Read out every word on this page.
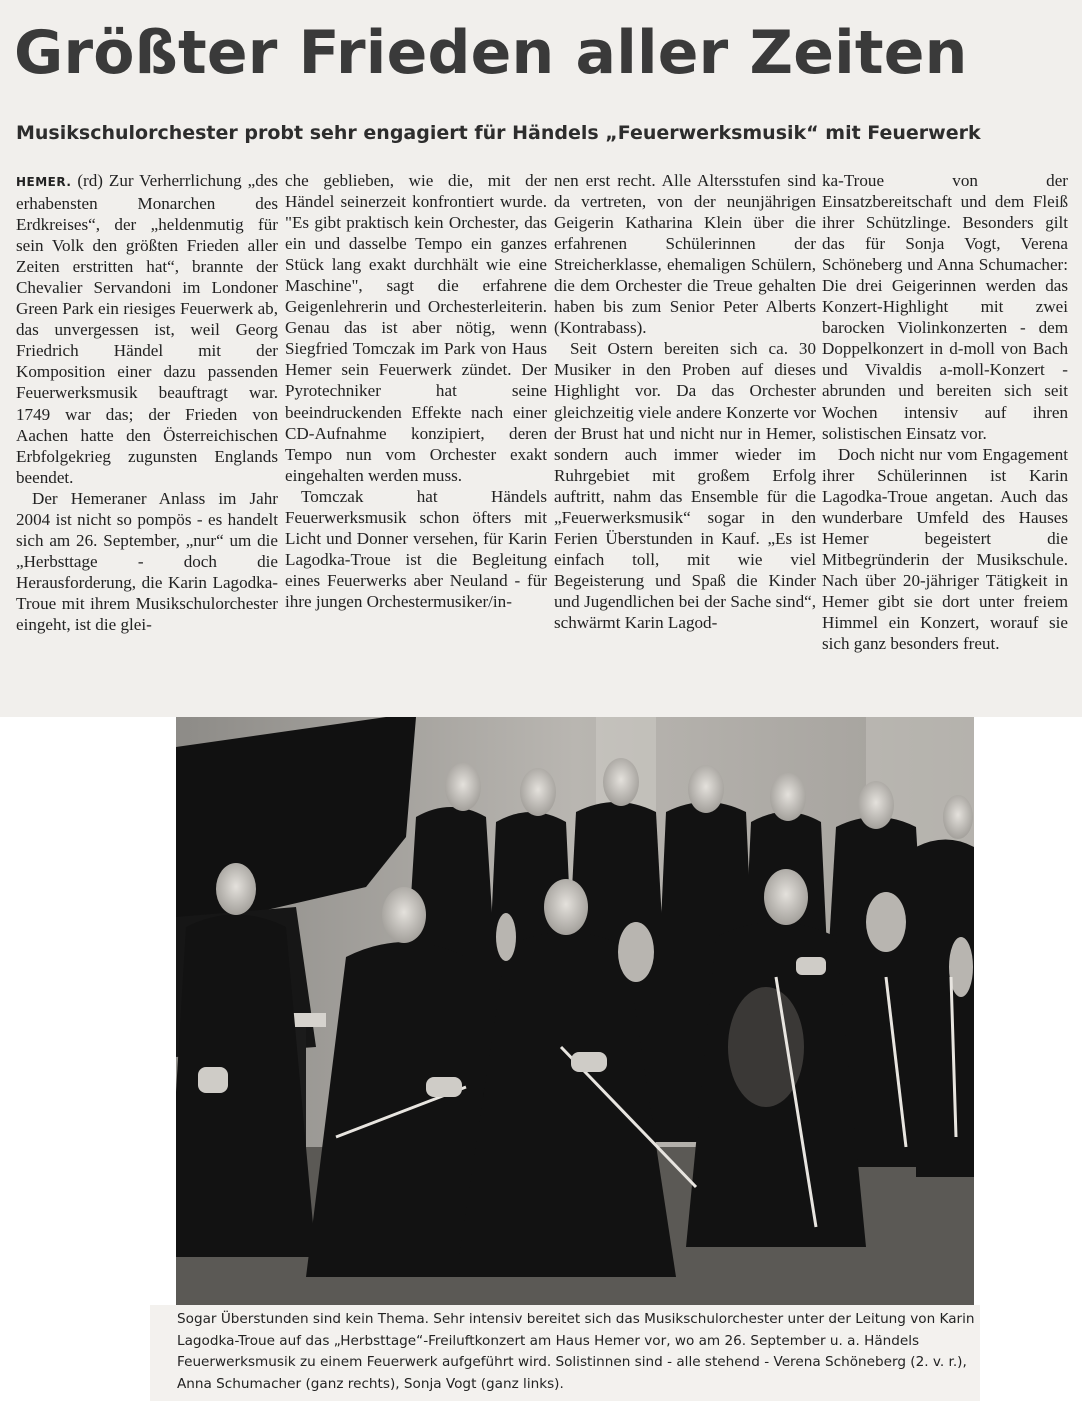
Größter Frieden aller Zeiten
Musikschulorchester probt sehr engagiert für Händels „Feuerwerksmusik“ mit Feuerwerk

HEMER. (rd) Zur Verherrlichung „des erhabensten Monarchen des Erdkreises“, der „heldenmutig für sein Volk den größten Frieden aller Zeiten erstritten hat“, brannte der Chevalier Servandoni im Londoner Green Park ein riesiges Feuerwerk ab, das unvergessen ist, weil Georg Friedrich Händel mit der Komposition einer dazu passenden Feuerwerksmusik beauftragt war. 1749 war das; der Frieden von Aachen hatte den Österreichischen Erbfolgekrieg zugunsten Englands beendet.

Der Hemeraner Anlass im Jahr 2004 ist nicht so pompös - es handelt sich am 26. September, „nur“ um die „Herbsttage - doch die Herausforderung, die Karin Lagodka-Troue mit ihrem Musikschulorchester eingeht, ist die glei-

che geblieben, wie die, mit der Händel seinerzeit konfrontiert wurde. "Es gibt praktisch kein Orchester, das ein und dasselbe Tempo ein ganzes Stück lang exakt durchhält wie eine Maschine", sagt die erfahrene Geigenlehrerin und Orchesterleiterin. Genau das ist aber nötig, wenn Siegfried Tomczak im Park von Haus Hemer sein Feuerwerk zündet. Der Pyrotechniker hat seine beeindruckenden Effekte nach einer CD-Aufnahme konzipiert, deren Tempo nun vom Orchester exakt eingehalten werden muss.

Tomczak hat Händels Feuerwerksmusik schon öfters mit Licht und Donner versehen, für Karin Lagodka-Troue ist die Begleitung eines Feuerwerks aber Neuland - für ihre jungen Orchestermusiker/in-

nen erst recht. Alle Altersstufen sind da vertreten, von der neunjährigen Geigerin Katharina Klein über die erfahrenen Schülerinnen der Streicherklasse, ehemaligen Schülern, die dem Orchester die Treue gehalten haben bis zum Senior Peter Alberts (Kontrabass).

Seit Ostern bereiten sich ca. 30 Musiker in den Proben auf dieses Highlight vor. Da das Orchester gleichzeitig viele andere Konzerte vor der Brust hat und nicht nur in Hemer, sondern auch immer wieder im Ruhrgebiet mit großem Erfolg auftritt, nahm das Ensemble für die „Feuerwerksmusik“ sogar in den Ferien Überstunden in Kauf. „Es ist einfach toll, mit wie viel Begeisterung und Spaß die Kinder und Jugendlichen bei der Sache sind“, schwärmt Karin Lagod-

ka-Troue von der Einsatzbereitschaft und dem Fleiß ihrer Schützlinge. Besonders gilt das für Sonja Vogt, Verena Schöneberg und Anna Schumacher: Die drei Geigerinnen werden das Konzert-Highlight mit zwei barocken Violinkonzerten - dem Doppelkonzert in d-moll von Bach und Vivaldis a-moll-Konzert - abrunden und bereiten sich seit Wochen intensiv auf ihren solistischen Einsatz vor.

Doch nicht nur vom Engagement ihrer Schülerinnen ist Karin Lagodka-Troue angetan. Auch das wunderbare Umfeld des Hauses Hemer begeistert die Mitbegründerin der Musikschule. Nach über 20-jähriger Tätigkeit in Hemer gibt sie dort unter freiem Himmel ein Konzert, worauf sie sich ganz besonders freut.

Sogar Überstunden sind kein Thema. Sehr intensiv bereitet sich das Musikschulorchester unter der Leitung von Karin Lagodka-Troue auf das „Herbsttage“-Freiluftkonzert am Haus Hemer vor, wo am 26. September u. a. Händels Feuerwerksmusik zu einem Feuerwerk aufgeführt wird. Solistinnen sind - alle stehend - Verena Schöneberg (2. v. r.), Anna Schumacher (ganz rechts), Sonja Vogt (ganz links).
